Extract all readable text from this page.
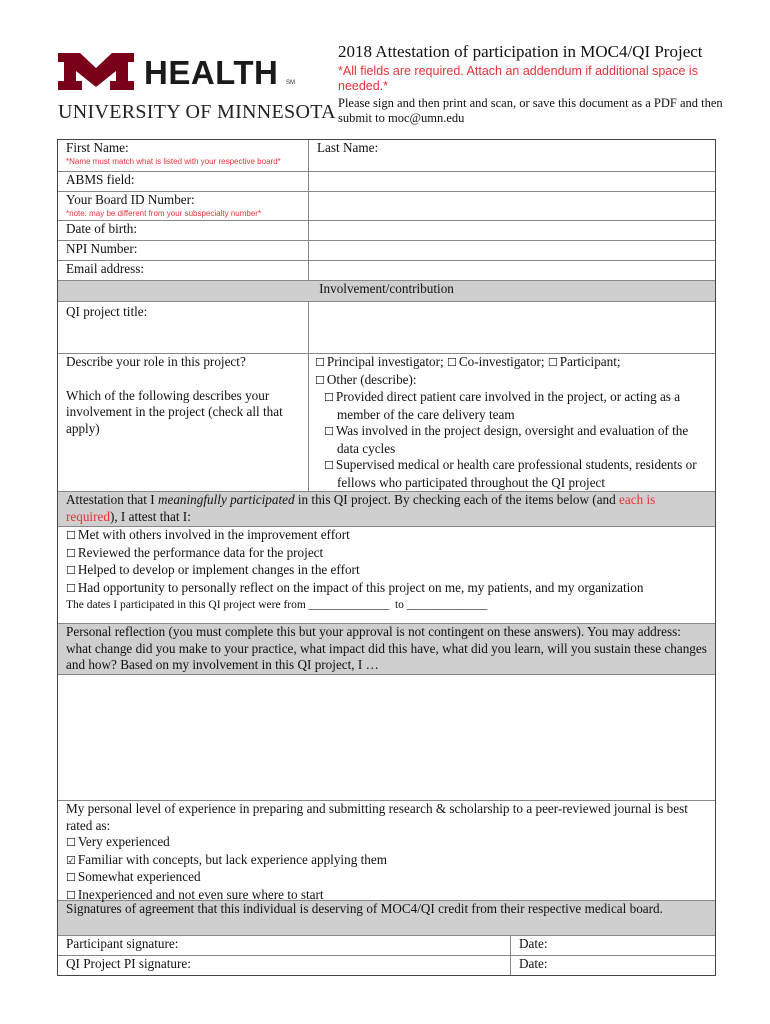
HEALTH SM
UNIVERSITY OF MINNESOTA
2018 Attestation of participation in MOC4/QI Project
*All fields are required. Attach an addendum if additional space is needed.*
Please sign and then print and scan, or save this document as a PDF and then submit to moc@umn.edu
First Name:
*Name must match what is listed with your respective board*
Last Name:
ABMS field:
Your Board ID Number:
*note: may be different from your subspecialty number*
Date of birth:
NPI Number:
Email address:
Involvement/contribution
QI project title:
Describe your role in this project?
Which of the following describes your involvement in the project (check all that apply)
☐ Principal investigator; ☐ Co-investigator; ☐ Participant;
☐ Other (describe):
☐ Provided direct patient care involved in the project, or acting as a member of the care delivery team
☐ Was involved in the project design, oversight and evaluation of the data cycles
☐ Supervised medical or health care professional students, residents or fellows who participated throughout the QI project
Attestation that I meaningfully participated in this QI project. By checking each of the items below (and each is required), I attest that I:
☐ Met with others involved in the improvement effort
☐ Reviewed the performance data for the project
☐ Helped to develop or implement changes in the effort
☐ Had opportunity to personally reflect on the impact of this project on me, my patients, and my organization
The dates I participated in this QI project were from ______________ to ______________
Personal reflection (you must complete this but your approval is not contingent on these answers). You may address: what change did you make to your practice, what impact did this have, what did you learn, will you sustain these changes and how? Based on my involvement in this QI project, I …
My personal level of experience in preparing and submitting research & scholarship to a peer-reviewed journal is best rated as:
☐ Very experienced
☑ Familiar with concepts, but lack experience applying them
☐ Somewhat experienced
☐ Inexperienced and not even sure where to start
Signatures of agreement that this individual is deserving of MOC4/QI credit from their respective medical board.
Participant signature:	Date:
QI Project PI signature:	Date:
